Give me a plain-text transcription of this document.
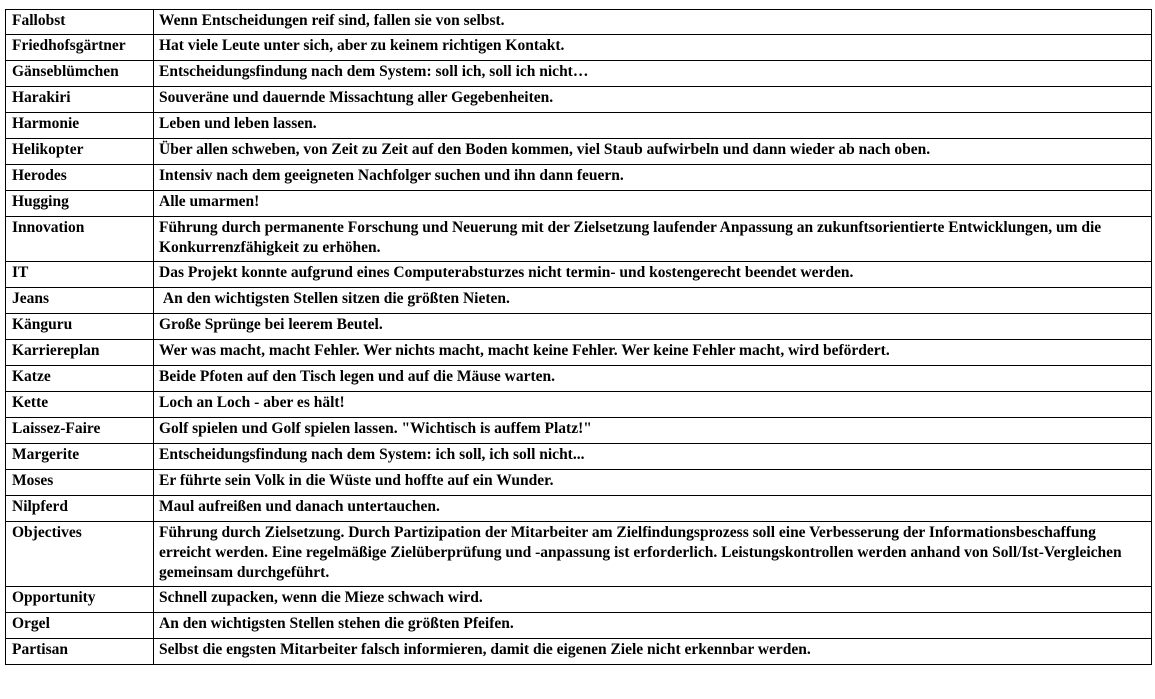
Fallobst	Wenn Entscheidungen reif sind, fallen sie von selbst.
Friedhofsgärtner	Hat viele Leute unter sich, aber zu keinem richtigen Kontakt.
Gänseblümchen	Entscheidungsfindung nach dem System: soll ich, soll ich nicht…
Harakiri	Souveräne und dauernde Missachtung aller Gegebenheiten.
Harmonie	Leben und leben lassen.
Helikopter	Über allen schweben, von Zeit zu Zeit auf den Boden kommen, viel Staub aufwirbeln und dann wieder ab nach oben.
Herodes	Intensiv nach dem geeigneten Nachfolger suchen und ihn dann feuern.
Hugging	Alle umarmen!
Innovation	Führung durch permanente Forschung und Neuerung mit der Zielsetzung laufender Anpassung an zukunftsorientierte Entwicklungen, um die Konkurrenzfähigkeit zu erhöhen.
IT	Das Projekt konnte aufgrund eines Computerabsturzes nicht termin- und kostengerecht beendet werden.
Jeans	An den wichtigsten Stellen sitzen die größten Nieten.
Känguru	Große Sprünge bei leerem Beutel.
Karriereplan	Wer was macht, macht Fehler. Wer nichts macht, macht keine Fehler. Wer keine Fehler macht, wird befördert.
Katze	Beide Pfoten auf den Tisch legen und auf die Mäuse warten.
Kette	Loch an Loch - aber es hält!
Laissez-Faire	Golf spielen und Golf spielen lassen. "Wichtisch is auffem Platz!"
Margerite	Entscheidungsfindung nach dem System: ich soll, ich soll nicht...
Moses	Er führte sein Volk in die Wüste und hoffte auf ein Wunder.
Nilpferd	Maul aufreißen und danach untertauchen.
Objectives	Führung durch Zielsetzung. Durch Partizipation der Mitarbeiter am Zielfindungsprozess soll eine Verbesserung der Informationsbeschaffung erreicht werden. Eine regelmäßige Zielüberprüfung und -anpassung ist erforderlich. Leistungskontrollen werden anhand von Soll/Ist-Vergleichen gemeinsam durchgeführt.
Opportunity	Schnell zupacken, wenn die Mieze schwach wird.
Orgel	An den wichtigsten Stellen stehen die größten Pfeifen.
Partisan	Selbst die engsten Mitarbeiter falsch informieren, damit die eigenen Ziele nicht erkennbar werden.
